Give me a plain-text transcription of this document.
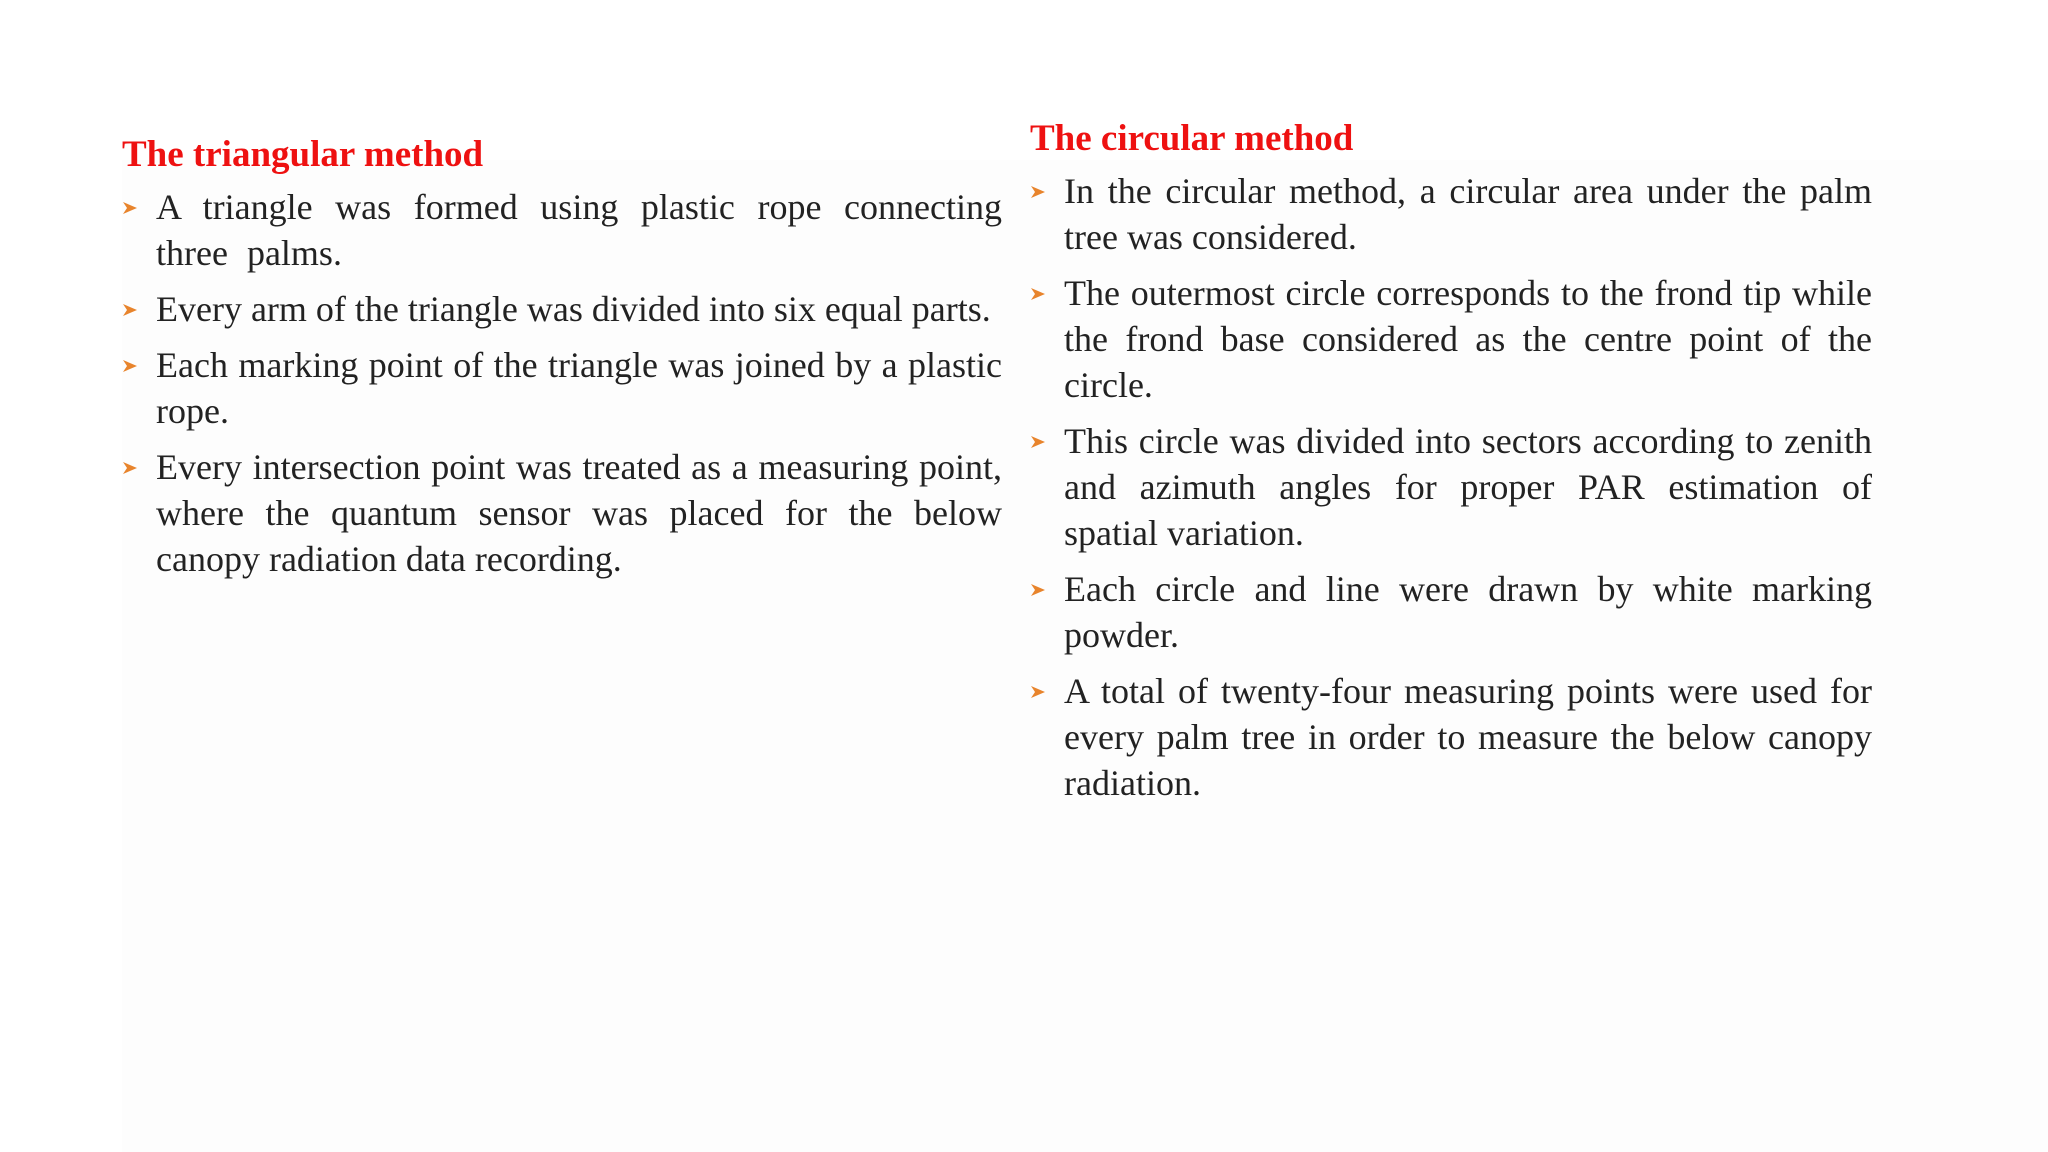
The triangular method
A triangle was formed using plastic rope connecting three palms.
Every arm of the triangle was divided into six equal parts.
Each marking point of the triangle was joined by a plastic rope.
Every intersection point was treated as a measuring point, where the quantum sensor was placed for the below canopy radiation data recording.
The circular method
In the circular method, a circular area under the palm tree was considered.
The outermost circle corresponds to the frond tip while the frond base considered as the centre point of the circle.
This circle was divided into sectors according to zenith and azimuth angles for proper PAR estimation of spatial variation.
Each circle and line were drawn by white marking powder.
A total of twenty-four measuring points were used for every palm tree in order to measure the below canopy radiation.
